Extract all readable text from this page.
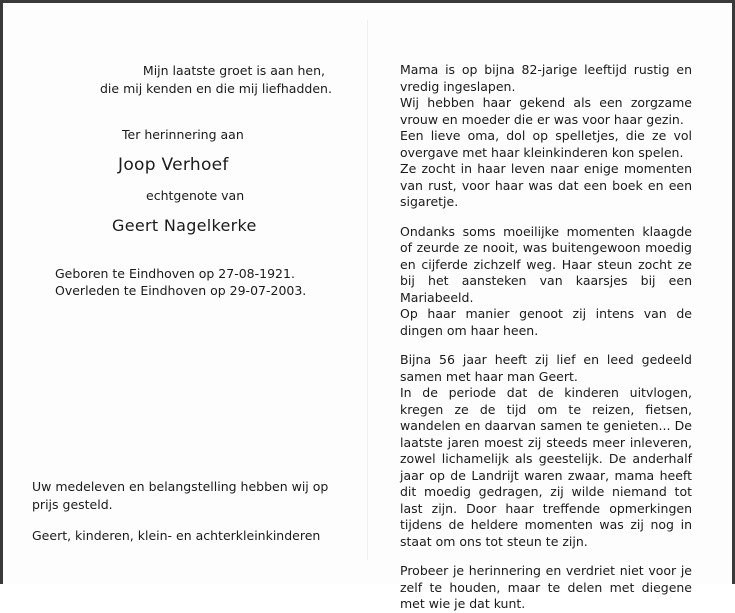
Mijn laatste groet is aan hen,
die mij kenden en die mij liefhadden.
Ter herinnering aan
Joop Verhoef
echtgenote van
Geert Nagelkerke
Geboren te Eindhoven op 27-08-1921.
Overleden te Eindhoven op 29-07-2003.
Uw medeleven en belangstelling hebben wij op prijs gesteld.
Geert, kinderen, klein- en achterkleinkinderen

Mama is op bijna 82-jarige leeftijd rustig en vredig ingeslapen.

Wij hebben haar gekend als een zorgzame vrouw en moeder die er was voor haar gezin.

Een lieve oma, dol op spelletjes, die ze vol overgave met haar kleinkinderen kon spelen.

Ze zocht in haar leven naar enige momenten van rust, voor haar was dat een boek en een sigaretje.

Ondanks soms moeilijke momenten klaagde of zeurde ze nooit, was buitengewoon moedig en cijferde zichzelf weg. Haar steun zocht ze bij het aansteken van kaarsjes bij een Mariabeeld.

Op haar manier genoot zij intens van de dingen om haar heen.

Bijna 56 jaar heeft zij lief en leed gedeeld samen met haar man Geert.

In de periode dat de kinderen uitvlogen, kregen ze de tijd om te reizen, fietsen, wandelen en daarvan samen te genieten... De laatste jaren moest zij steeds meer inleveren, zowel lichamelijk als geestelijk. De anderhalf jaar op de Landrijt waren zwaar, mama heeft dit moedig gedragen, zij wilde niemand tot last zijn. Door haar treffende opmerkingen tijdens de heldere momenten was zij nog in staat om ons tot steun te zijn.

Probeer je herinnering en verdriet niet voor je zelf te houden, maar te delen met diegene met wie je dat kunt.
